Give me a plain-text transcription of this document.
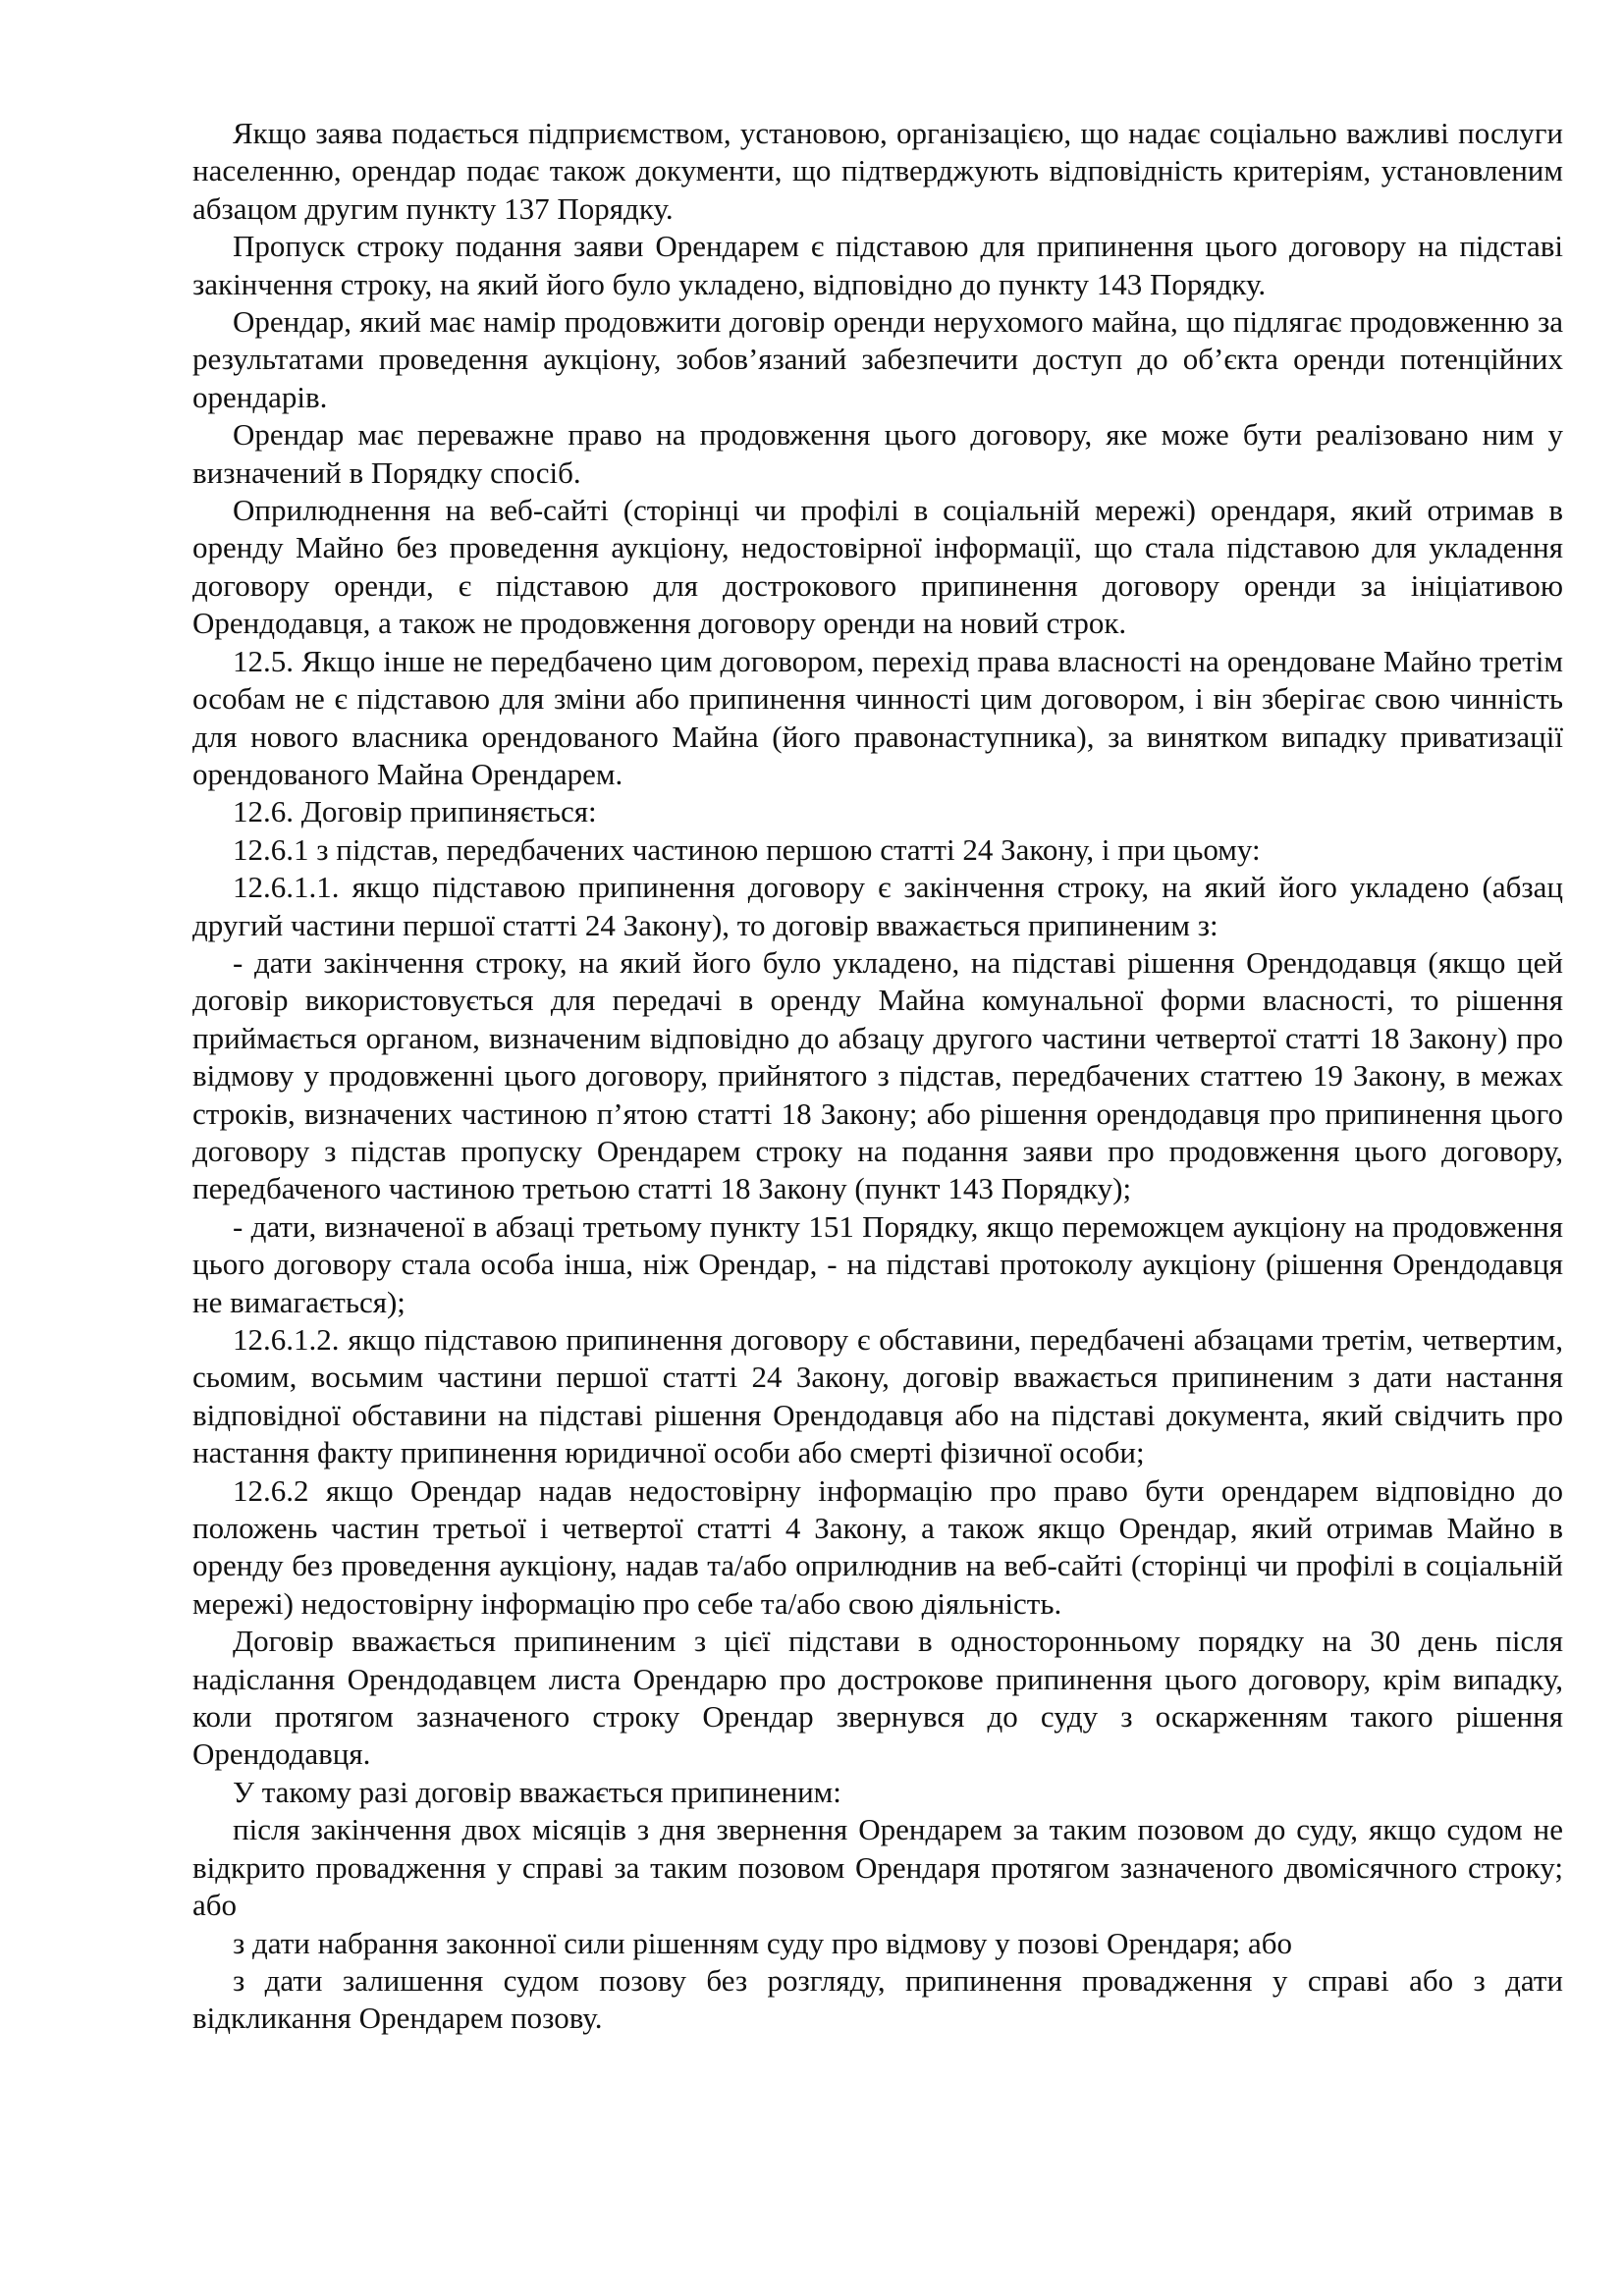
Якщо заява подається підприємством, установою, організацією, що надає соціально важливі послуги населенню, орендар подає також документи, що підтверджують відповідність критеріям, установленим абзацом другим пункту 137 Порядку.

Пропуск строку подання заяви Орендарем є підставою для припинення цього договору на підставі закінчення строку, на який його було укладено, відповідно до пункту 143 Порядку.

Орендар, який має намір продовжити договір оренди нерухомого майна, що підлягає продовженню за результатами проведення аукціону, зобов’язаний забезпечити доступ до об’єкта оренди потенційних орендарів.

Орендар має переважне право на продовження цього договору, яке може бути реалізовано ним у визначений в Порядку спосіб.

Оприлюднення на веб-сайті (сторінці чи профілі в соціальній мережі) орендаря, який отримав в оренду Майно без проведення аукціону, недостовірної інформації, що стала підставою для укладення договору оренди, є підставою для дострокового припинення договору оренди за ініціативою Орендодавця, а також не продовження договору оренди на новий строк.

12.5. Якщо інше не передбачено цим договором, перехід права власності на орендоване Майно третім особам не є підставою для зміни або припинення чинності цим договором, і він зберігає свою чинність для нового власника орендованого Майна (його правонаступника), за винятком випадку приватизації орендованого Майна Орендарем.

12.6. Договір припиняється:

12.6.1 з підстав, передбачених частиною першою статті 24 Закону, і при цьому:

12.6.1.1. якщо підставою припинення договору є закінчення строку, на який його укладено (абзац другий частини першої статті 24 Закону), то договір вважається припиненим з:

- дати закінчення строку, на який його було укладено, на підставі рішення Орендодавця (якщо цей договір використовується для передачі в оренду Майна комунальної форми власності, то рішення приймається органом, визначеним відповідно до абзацу другого частини четвертої статті 18 Закону) про відмову у продовженні цього договору, прийнятого з підстав, передбачених статтею 19 Закону, в межах строків, визначених частиною п’ятою статті 18 Закону; або рішення орендодавця про припинення цього договору з підстав пропуску Орендарем строку на подання заяви про продовження цього договору, передбаченого частиною третьою статті 18 Закону (пункт 143 Порядку);

- дати, визначеної в абзаці третьому пункту 151 Порядку, якщо переможцем аукціону на продовження цього договору стала особа інша, ніж Орендар, - на підставі протоколу аукціону (рішення Орендодавця не вимагається);

12.6.1.2. якщо підставою припинення договору є обставини, передбачені абзацами третім, четвертим, сьомим, восьмим частини першої статті 24 Закону, договір вважається припиненим з дати настання відповідної обставини на підставі рішення Орендодавця або на підставі документа, який свідчить про настання факту припинення юридичної особи або смерті фізичної особи;

12.6.2 якщо Орендар надав недостовірну інформацію про право бути орендарем відповідно до положень частин третьої і четвертої статті 4 Закону, а також якщо Орендар, який отримав Майно в оренду без проведення аукціону, надав та/або оприлюднив на веб-сайті (сторінці чи профілі в соціальній мережі) недостовірну інформацію про себе та/або свою діяльність.

Договір вважається припиненим з цієї підстави в односторонньому порядку на 30 день після надіслання Орендодавцем листа Орендарю про дострокове припинення цього договору, крім випадку, коли протягом зазначеного строку Орендар звернувся до суду з оскарженням такого рішення Орендодавця.

У такому разі договір вважається припиненим:

після закінчення двох місяців з дня звернення Орендарем за таким позовом до суду, якщо судом не відкрито провадження у справі за таким позовом Орендаря протягом зазначеного двомісячного строку; або

з дати набрання законної сили рішенням суду про відмову у позові Орендаря; або

з дати залишення судом позову без розгляду, припинення провадження у справі або з дати відкликання Орендарем позову.
